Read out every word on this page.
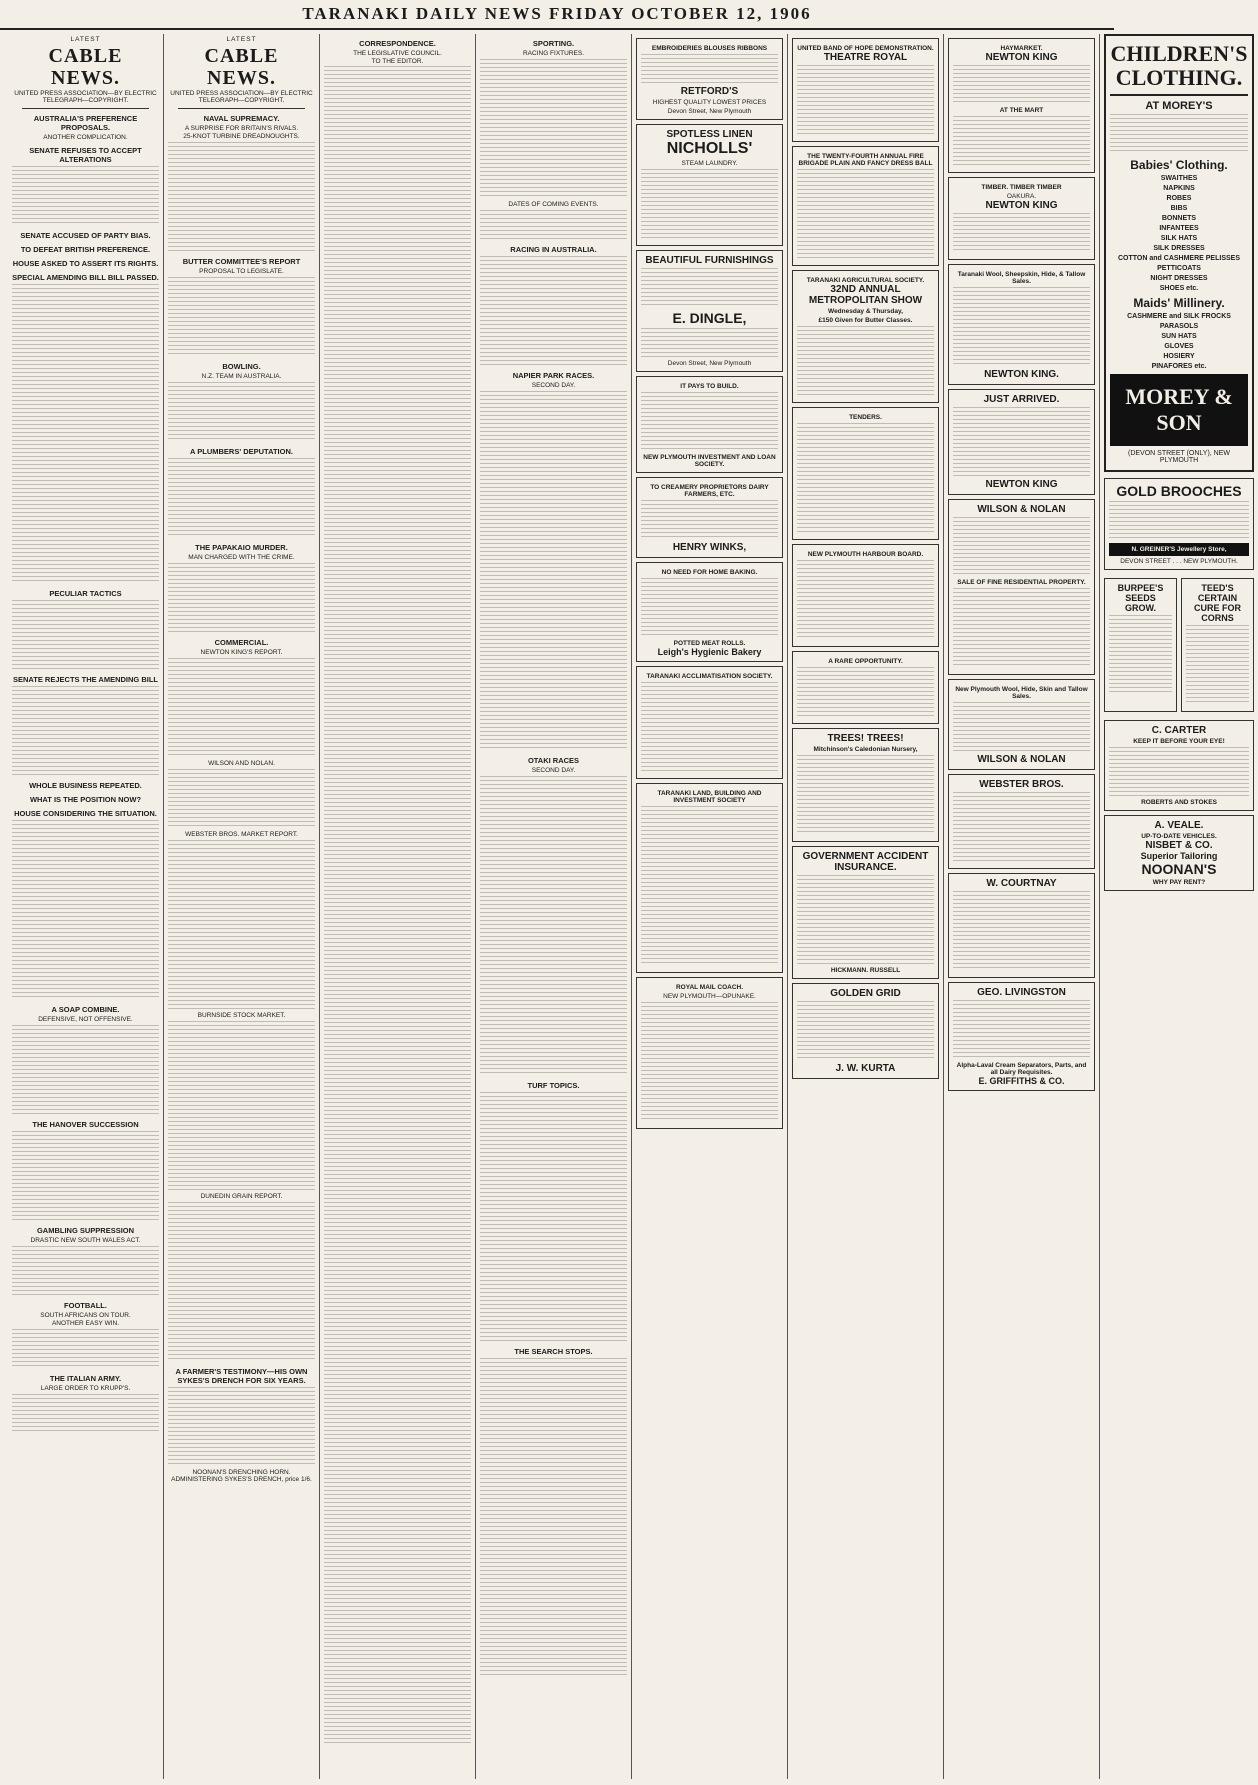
TARANAKI DAILY NEWS FRIDAY OCTOBER 12, 1906
LATEST
CABLE NEWS.
UNITED PRESS ASSOCIATION—BY ELECTRIC TELEGRAPH—COPYRIGHT.
AUSTRALIA'S PREFERENCE PROPOSALS.
ANOTHER COMPLICATION.
SENATE REFUSES TO ACCEPT ALTERATIONS
SENATE ACCUSED OF PARTY BIAS.
TO DEFEAT BRITISH PREFERENCE.
HOUSE ASKED TO ASSERT ITS RIGHTS.
SPECIAL AMENDING BILL BILL PASSED.
PECULIAR TACTICS
SENATE REJECTS THE AMENDING BILL
WHOLE BUSINESS REPEATED.
WHAT IS THE POSITION NOW?
HOUSE CONSIDERING THE SITUATION.
A SOAP COMBINE.
DEFENSIVE, NOT OFFENSIVE.
THE HANOVER SUCCESSION
GAMBLING SUPPRESSION
DRASTIC NEW SOUTH WALES ACT.
FOOTBALL.
SOUTH AFRICANS ON TOUR.
ANOTHER EASY WIN.
THE ITALIAN ARMY.
LARGE ORDER TO KRUPP'S.
LATEST
CABLE NEWS.
UNITED PRESS ASSOCIATION—BY ELECTRIC TELEGRAPH—COPYRIGHT.
NAVAL SUPREMACY.
A SURPRISE FOR BRITAIN'S RIVALS.
25-KNOT TURBINE DREADNOUGHTS.
BUTTER COMMITTEE'S REPORT
PROPOSAL TO LEGISLATE.
BOWLING.
N.Z. TEAM IN AUSTRALIA.
A PLUMBERS' DEPUTATION.
THE PAPAKAIO MURDER.
MAN CHARGED WITH THE CRIME.
COMMERCIAL.
NEWTON KING'S REPORT.
WILSON AND NOLAN.
WEBSTER BROS. MARKET REPORT.
BURNSIDE STOCK MARKET.
DUNEDIN GRAIN REPORT.
A FARMER'S TESTIMONY—HIS OWN SYKES'S DRENCH FOR SIX YEARS.
NOONAN'S DRENCHING HORN. ADMINISTERING SYKES'S DRENCH, price 1/6.
CORRESPONDENCE.
THE LEGISLATIVE COUNCIL.
TO THE EDITOR.
SPORTING.
RACING FIXTURES.
DATES OF COMING EVENTS.
RACING IN AUSTRALIA.
NAPIER PARK RACES.
SECOND DAY.
OTAKI RACES
SECOND DAY.
TURF TOPICS.
THE SEARCH STOPS.
EMBROIDERIES BLOUSES RIBBONS
RETFORD'S
HIGHEST QUALITY LOWEST PRICES
Devon Street, New Plymouth
SPOTLESS LINEN
NICHOLLS'
STEAM LAUNDRY.
BEAUTIFUL FURNISHINGS
E. DINGLE,
Devon Street, New Plymouth
IT PAYS TO BUILD.
NEW PLYMOUTH INVESTMENT AND LOAN SOCIETY.
TO CREAMERY PROPRIETORS DAIRY FARMERS, ETC.
HENRY WINKS,
NO NEED FOR HOME BAKING.
POTTED MEAT ROLLS.
Leigh's Hygienic Bakery
TARANAKI ACCLIMATISATION SOCIETY.
TARANAKI LAND, BUILDING AND INVESTMENT SOCIETY
ROYAL MAIL COACH.
NEW PLYMOUTH—OPUNAKE.
UNITED BAND OF HOPE DEMONSTRATION.
THEATRE ROYAL
THE TWENTY-FOURTH ANNUAL FIRE BRIGADE PLAIN AND FANCY DRESS BALL
TARANAKI AGRICULTURAL SOCIETY.
32ND ANNUAL METROPOLITAN SHOW
Wednesday & Thursday,
£150 Given for Butter Classes.
TENDERS.
NEW PLYMOUTH HARBOUR BOARD.
A RARE OPPORTUNITY.
TREES! TREES!
Mitchinson's Caledonian Nursery,
GOVERNMENT ACCIDENT INSURANCE.
HICKMANN. RUSSELL
GOLDEN GRID
J. W. KURTA
HAYMARKET.
NEWTON KING
AT THE MART
TIMBER. TIMBER TIMBER
OAKURA.
NEWTON KING
Taranaki Wool, Sheepskin, Hide, & Tallow Sales.
NEWTON KING.
JUST ARRIVED.
NEWTON KING
WILSON & NOLAN
SALE OF FINE RESIDENTIAL PROPERTY.
New Plymouth Wool, Hide, Skin and Tallow Sales.
WILSON & NOLAN
WEBSTER BROS.
W. COURTNAY
GEO. LIVINGSTON
Alpha-Laval Cream Separators, Parts, and all Dairy Requisites.
E. GRIFFITHS & CO.
CHILDREN'S CLOTHING.
AT MOREY'S
Babies' Clothing.
SWAITHES
NAPKINS
ROBES
BIBS
BONNETS
INFANTEES
SILK HATS
SILK DRESSES
COTTON and CASHMERE PELISSES
PETTICOATS
NIGHT DRESSES
SHOES etc.
Maids' Millinery.
CASHMERE and SILK FROCKS
PARASOLS
SUN HATS
GLOVES
HOSIERY
PINAFORES etc.
MOREY & SON
(DEVON STREET (ONLY), NEW PLYMOUTH
GOLD BROOCHES
N. GREINER'S Jewellery Store,
DEVON STREET . . . NEW PLYMOUTH.
BURPEE'S SEEDS GROW.
TEED'S CERTAIN CURE FOR CORNS
C. CARTER
KEEP IT BEFORE YOUR EYE!
ROBERTS AND STOKES
A. VEALE.
UP-TO-DATE VEHICLES.
NISBET & CO.
Superior Tailoring
NOONAN'S
WHY PAY RENT?
